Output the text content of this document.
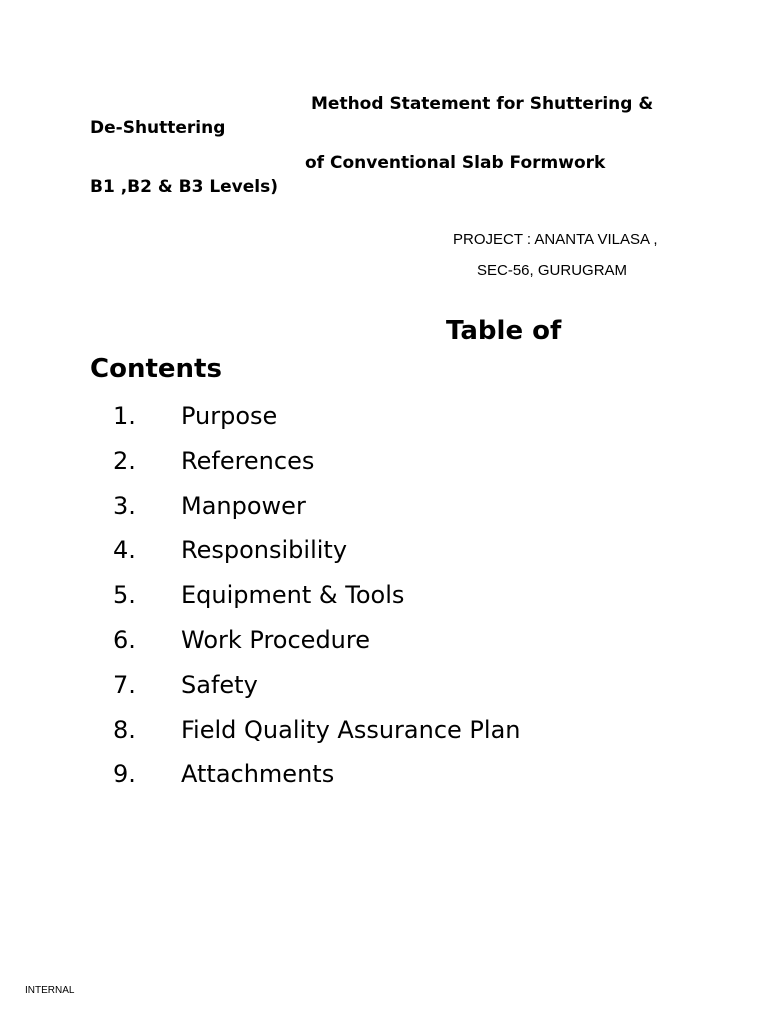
Method Statement for Shuttering &
De-Shuttering
of Conventional Slab Formwork
B1 ,B2 & B3 Levels)
PROJECT : ANANTA VILASA ,
SEC-56, GURUGRAM
Table of
Contents
1. Purpose
2. References
3. Manpower
4. Responsibility
5. Equipment & Tools
6. Work Procedure
7. Safety
8. Field Quality Assurance Plan
9. Attachments
INTERNAL
